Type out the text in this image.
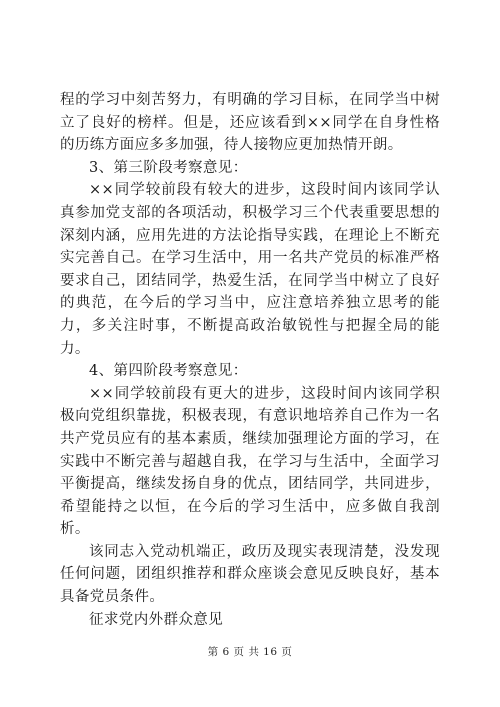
程的学习中刻苦努力，有明确的学习目标，在同学当中树立了良好的榜样。但是，还应该看到××同学在自身性格的历练方面应多多加强，待人接物应更加热情开朗。

3、第三阶段考察意见：

××同学较前段有较大的进步，这段时间内该同学认真参加党支部的各项活动，积极学习三个代表重要思想的深刻内涵，应用先进的方法论指导实践，在理论上不断充实完善自己。在学习生活中，用一名共产党员的标准严格要求自己，团结同学，热爱生活，在同学当中树立了良好的典范，在今后的学习当中，应注意培养独立思考的能力，多关注时事，不断提高政治敏锐性与把握全局的能力。

4、第四阶段考察意见：

××同学较前段有更大的进步，这段时间内该同学积极向党组织靠拢，积极表现，有意识地培养自己作为一名共产党员应有的基本素质，继续加强理论方面的学习，在实践中不断完善与超越自我，在学习与生活中，全面学习平衡提高，继续发扬自身的优点，团结同学，共同进步，希望能持之以恒，在今后的学习生活中，应多做自我剖析。

该同志入党动机端正，政历及现实表现清楚，没发现任何问题，团组织推荐和群众座谈会意见反映良好，基本具备党员条件。

征求党内外群众意见

第 6 页 共 16 页
